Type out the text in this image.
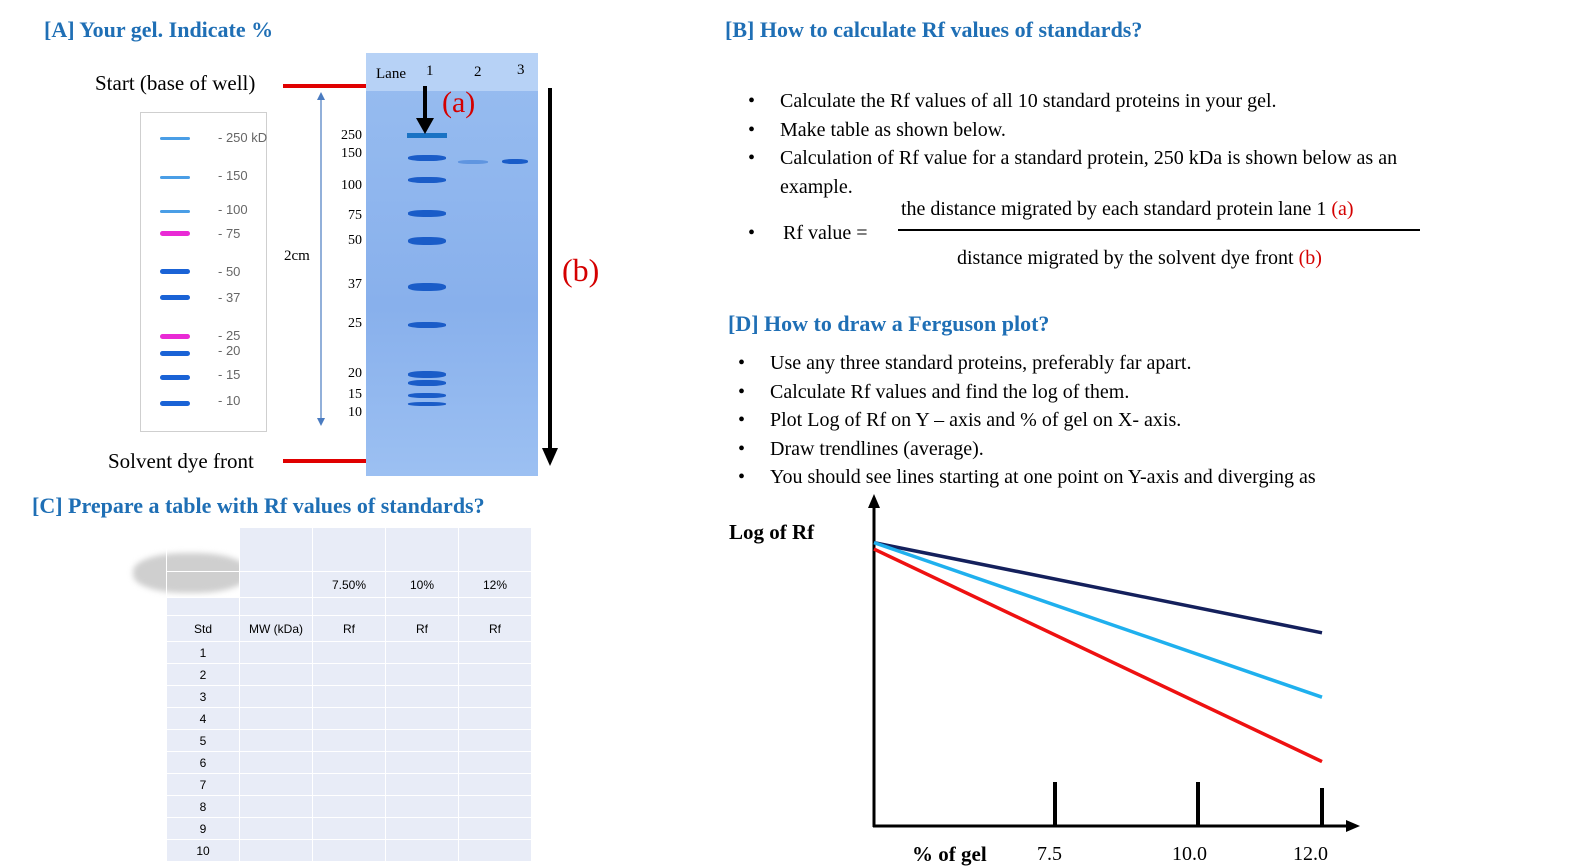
[A] Your gel. Indicate %
Start (base of well)
Solvent dye front
- 250 kD
- 150
- 100
- 75
- 50
- 37
- 25
- 20
- 15
- 10
2cm
250
150
100
75
50
37
25
20
15
10
Lane 1	2 3
(a)
(b)
[C] Prepare a table with Rf values of standards?

		7.50%	10%	12%

Std	MW (kDa)	Rf	Rf	Rf
1				
2				
3				
4				
5				
6				
7				
8				
9				
10				
[B] How to calculate Rf values of standards?
• Calculate the Rf values of all 10 standard proteins in your gel.
• Make table as shown below.
• Calculation of Rf value for a standard protein, 250 kDa is shown below as an
example.
• Rf value =
the distance migrated by each standard protein lane 1 (a)
distance migrated by the solvent dye front (b)
[D] How to draw a Ferguson plot?
• Use any three standard proteins, preferably far apart.
• Calculate Rf values and find the log of them.
• Plot Log of Rf on Y – axis and % of gel on X- axis.
• Draw trendlines (average).
• You should see lines starting at one point on Y-axis and diverging as
Log of Rf
% of gel	7.5	10.0	12.0
